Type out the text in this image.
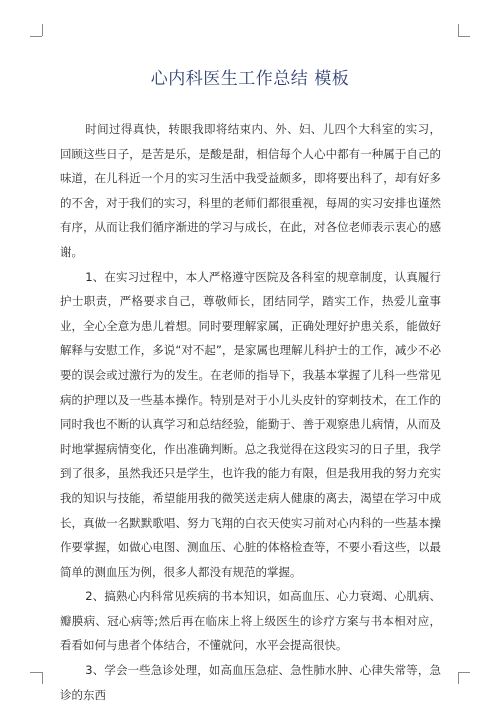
心内科医生工作总结 模板

时间过得真快，转眼我即将结束内、外、妇、儿四个大科室的实习，回顾这些日子，是苦是乐，是酸是甜，相信每个人心中都有一种属于自己的味道，在儿科近一个月的实习生活中我受益颇多，即将要出科了，却有好多的不舍，对于我们的实习，科里的老师们都很重视，每周的实习安排也谨然有序，从而让我们循序渐进的学习与成长，在此，对各位老师表示衷心的感谢。

1、在实习过程中，本人严格遵守医院及各科室的规章制度，认真履行护士职责，严格要求自己，尊敬师长，团结同学，踏实工作，热爱儿童事业，全心全意为患儿着想。同时要理解家属，正确处理好护患关系，能做好解释与安慰工作，多说“对不起”，是家属也理解儿科护士的工作，减少不必要的误会或过激行为的发生。在老师的指导下，我基本掌握了儿科一些常见病的护理以及一些基本操作。特别是对于小儿头皮针的穿刺技术，在工作的同时我也不断的认真学习和总结经验，能勤于、善于观察患儿病情，从而及时地掌握病情变化，作出准确判断。总之我觉得在这段实习的日子里，我学到了很多，虽然我还只是学生，也许我的能力有限，但是我用我的努力充实我的知识与技能，希望能用我的微笑送走病人健康的离去，渴望在学习中成长，真做一名默默歌唱、努力飞翔的白衣天使实习前对心内科的一些基本操作要掌握，如做心电图、测血压、心脏的体格检查等，不要小看这些，以最简单的测血压为例，很多人都没有规范的掌握。

2、搞熟心内科常见疾病的书本知识，如高血压、心力衰竭、心肌病、瓣膜病、冠心病等;然后再在临床上将上级医生的诊疗方案与书本相对应，看看如何与患者个体结合，不懂就问，水平会提高很快。

3、学会一些急诊处理，如高血压急症、急性肺水肿、心律失常等，急诊的东西
